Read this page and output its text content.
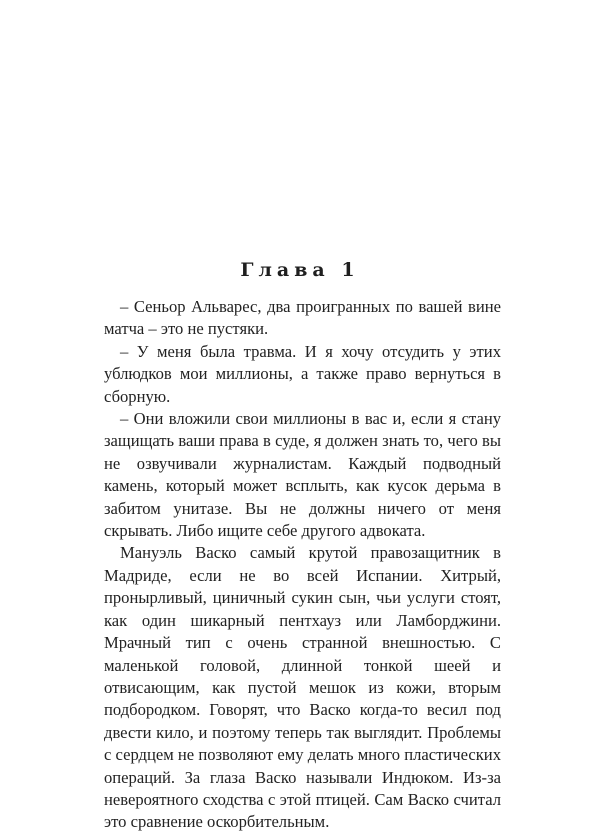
Глава 1

– Сеньор Альварес, два проигранных по вашей вине матча – это не пустяки.

– У меня была травма. И я хочу отсудить у этих ублюдков мои миллионы, а также право вернуться в сборную.

– Они вложили свои миллионы в вас и, если я стану защищать ваши права в суде, я должен знать то, чего вы не озвучивали журналистам. Каждый подводный камень, который может всплыть, как кусок дерьма в забитом унитазе. Вы не должны ничего от меня скрывать. Либо ищите себе другого адвоката.

Мануэль Васко самый крутой правозащитник в Мадриде, если не во всей Испании. Хитрый, пронырливый, циничный сукин сын, чьи услуги стоят, как один шикарный пентхауз или Ламборджини. Мрачный тип с очень странной внешностью. С маленькой головой, длинной тонкой шеей и отвисающим, как пустой мешок из кожи, вторым подбородком. Говорят, что Васко когда-то весил под двести кило, и поэтому теперь так выглядит. Проблемы с сердцем не позволяют ему делать много пластических операций. За глаза Васко называли Индюком. Из-за невероятного сходства с этой птицей. Сам Васко считал это сравнение оскорбительным.
